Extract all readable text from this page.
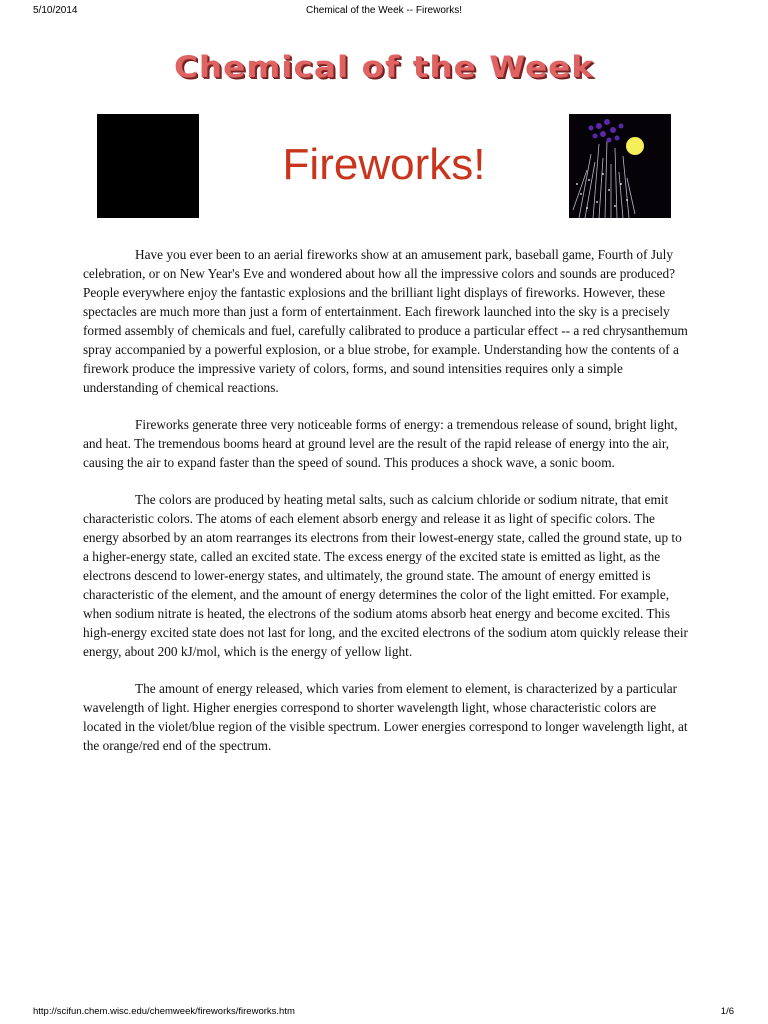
5/10/2014	Chemical of the Week -- Fireworks!
Chemical of the Week
Fireworks!

Have you ever been to an aerial fireworks show at an amusement park, baseball game, Fourth of July celebration, or on New Year's Eve and wondered about how all the impressive colors and sounds are produced? People everywhere enjoy the fantastic explosions and the brilliant light displays of fireworks. However, these spectacles are much more than just a form of entertainment. Each firework launched into the sky is a precisely formed assembly of chemicals and fuel, carefully calibrated to produce a particular effect -- a red chrysanthemum spray accompanied by a powerful explosion, or a blue strobe, for example. Understanding how the contents of a firework produce the impressive variety of colors, forms, and sound intensities requires only a simple understanding of chemical reactions.

Fireworks generate three very noticeable forms of energy: a tremendous release of sound, bright light, and heat. The tremendous booms heard at ground level are the result of the rapid release of energy into the air, causing the air to expand faster than the speed of sound. This produces a shock wave, a sonic boom.

The colors are produced by heating metal salts, such as calcium chloride or sodium nitrate, that emit characteristic colors. The atoms of each element absorb energy and release it as light of specific colors. The energy absorbed by an atom rearranges its electrons from their lowest-energy state, called the ground state, up to a higher-energy state, called an excited state. The excess energy of the excited state is emitted as light, as the electrons descend to lower-energy states, and ultimately, the ground state. The amount of energy emitted is characteristic of the element, and the amount of energy determines the color of the light emitted. For example, when sodium nitrate is heated, the electrons of the sodium atoms absorb heat energy and become excited. This high-energy excited state does not last for long, and the excited electrons of the sodium atom quickly release their energy, about 200 kJ/mol, which is the energy of yellow light.

The amount of energy released, which varies from element to element, is characterized by a particular wavelength of light. Higher energies correspond to shorter wavelength light, whose characteristic colors are located in the violet/blue region of the visible spectrum. Lower energies correspond to longer wavelength light, at the orange/red end of the spectrum.

http://scifun.chem.wisc.edu/chemweek/fireworks/fireworks.htm	1/6
